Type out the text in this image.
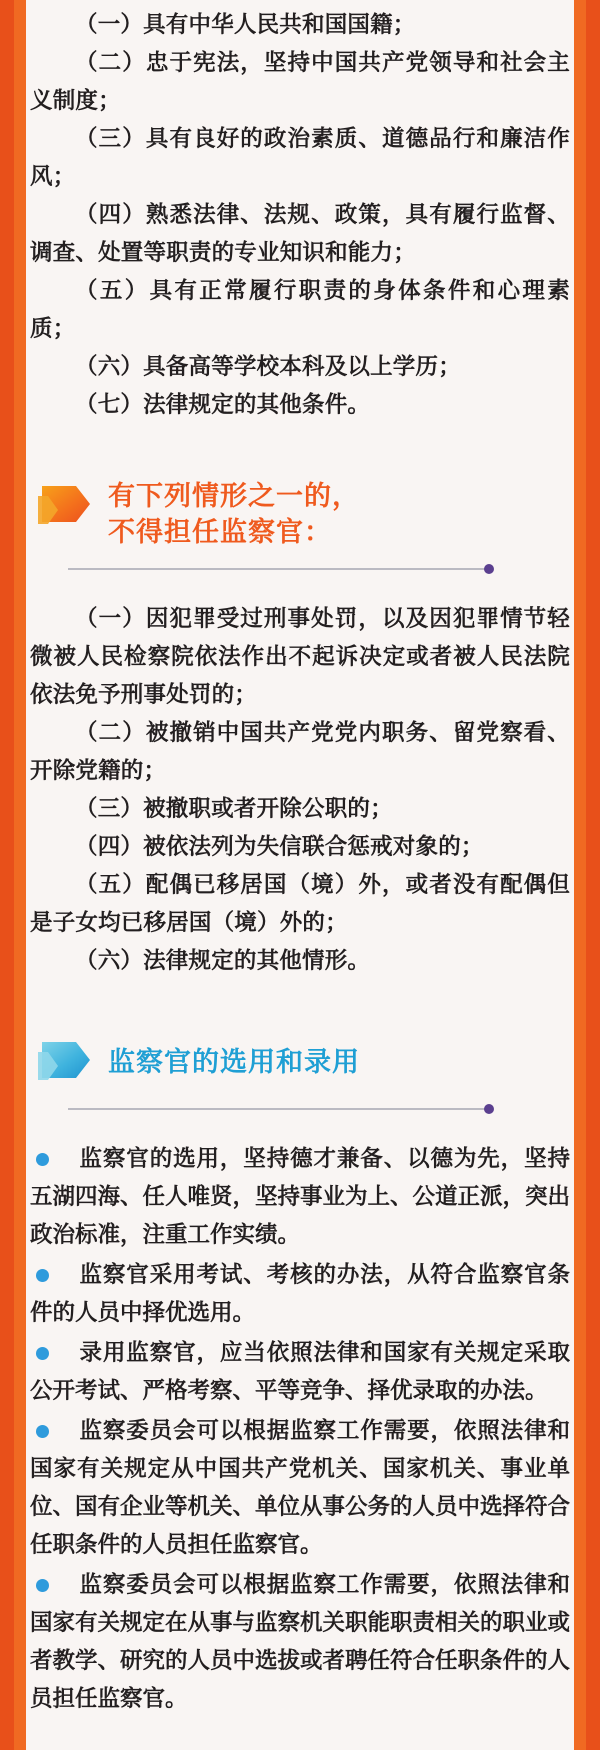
（一）具有中华人民共和国国籍；

（二）忠于宪法，坚持中国共产党领导和社会主义制度；

（三）具有良好的政治素质、道德品行和廉洁作风；

（四）熟悉法律、法规、政策，具有履行监督、调查、处置等职责的专业知识和能力；

（五）具有正常履行职责的身体条件和心理素质；

（六）具备高等学校本科及以上学历；

（七）法律规定的其他条件。

有下列情形之一的，
不得担任监察官：

（一）因犯罪受过刑事处罚，以及因犯罪情节轻微被人民检察院依法作出不起诉决定或者被人民法院依法免予刑事处罚的；

（二）被撤销中国共产党党内职务、留党察看、开除党籍的；

（三）被撤职或者开除公职的；

（四）被依法列为失信联合惩戒对象的；

（五）配偶已移居国（境）外，或者没有配偶但是子女均已移居国（境）外的；

（六）法律规定的其他情形。

监察官的选用和录用
监察官的选用，坚持德才兼备、以德为先，坚持五湖四海、任人唯贤，坚持事业为上、公道正派，突出政治标准，注重工作实绩。
监察官采用考试、考核的办法，从符合监察官条件的人员中择优选用。
录用监察官，应当依照法律和国家有关规定采取公开考试、严格考察、平等竞争、择优录取的办法。
监察委员会可以根据监察工作需要，依照法律和国家有关规定从中国共产党机关、国家机关、事业单位、国有企业等机关、单位从事公务的人员中选择符合任职条件的人员担任监察官。
监察委员会可以根据监察工作需要，依照法律和国家有关规定在从事与监察机关职能职责相关的职业或者教学、研究的人员中选拔或者聘任符合任职条件的人员担任监察官。
